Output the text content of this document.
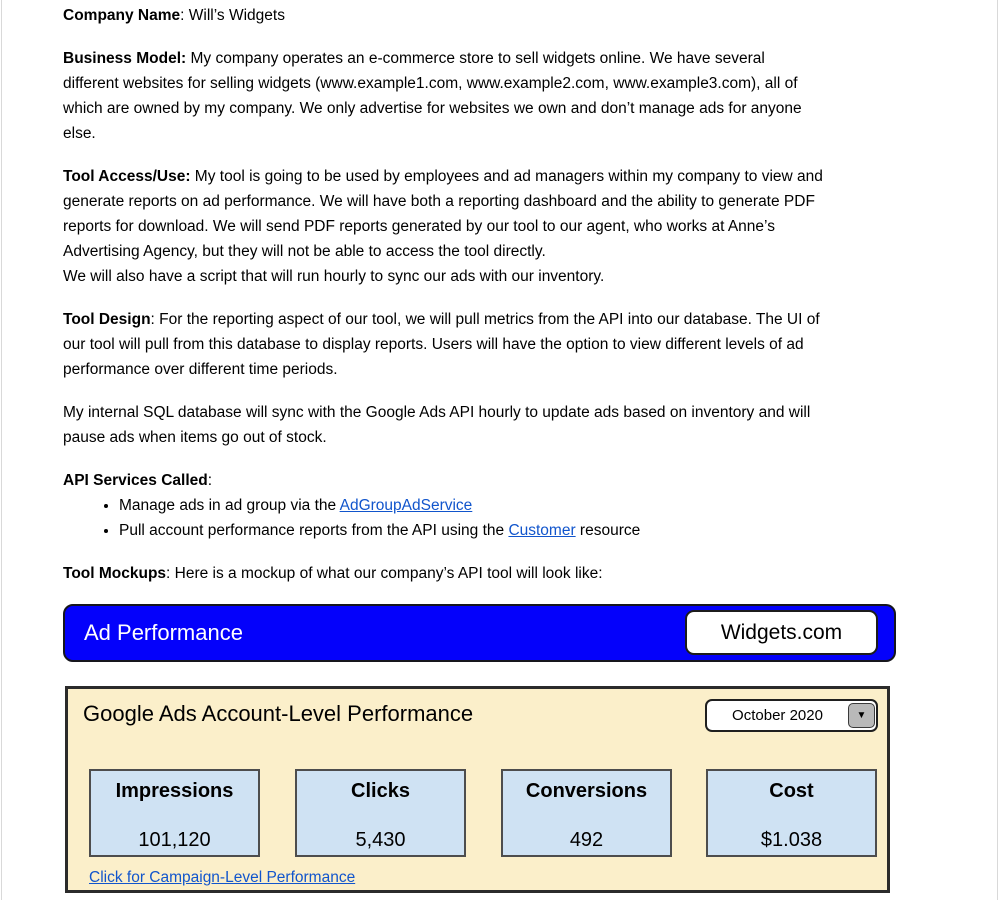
Company Name: Will’s Widgets
Business Model: My company operates an e-commerce store to sell widgets online. We have several
different websites for selling widgets (www.example1.com, www.example2.com, www.example3.com), all of
which are owned by my company. We only advertise for websites we own and don’t manage ads for anyone
else.
Tool Access/Use: My tool is going to be used by employees and ad managers within my company to view and
generate reports on ad performance. We will have both a reporting dashboard and the ability to generate PDF
reports for download. We will send PDF reports generated by our tool to our agent, who works at Anne’s
Advertising Agency, but they will not be able to access the tool directly.
We will also have a script that will run hourly to sync our ads with our inventory.
Tool Design: For the reporting aspect of our tool, we will pull metrics from the API into our database. The UI of
our tool will pull from this database to display reports. Users will have the option to view different levels of ad
performance over different time periods.
My internal SQL database will sync with the Google Ads API hourly to update ads based on inventory and will
pause ads when items go out of stock.
API Services Called:
• Manage ads in ad group via the AdGroupAdService
• Pull account performance reports from the API using the Customer resource
Tool Mockups: Here is a mockup of what our company’s API tool will look like:
Ad Performance	Widgets.com
Google Ads Account-Level Performance	October 2020	▼
Impressions
101,120
Clicks
5,430
Conversions
492
Cost
$1.038
Click for Campaign-Level Performance
